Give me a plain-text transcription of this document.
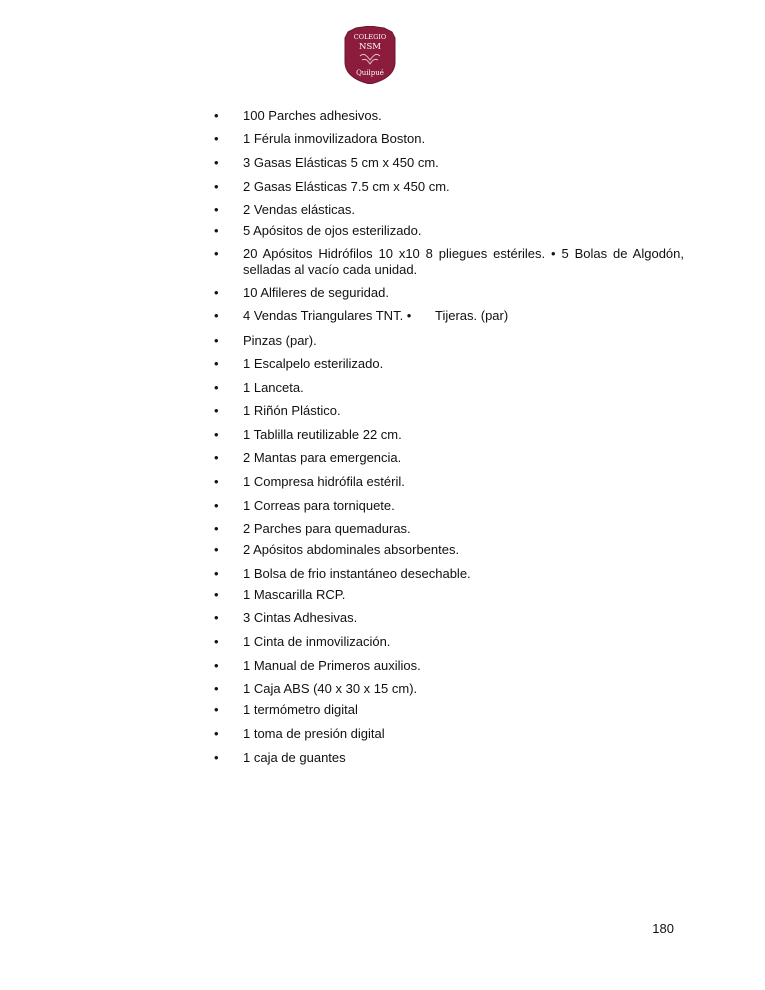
COLEGIO
NSM
Quilpué
•	100 Parches adhesivos.
•	1 Férula inmovilizadora Boston.
•	3 Gasas Elásticas 5 cm x 450 cm.
•	2 Gasas Elásticas 7.5 cm x 450 cm.
•	2 Vendas elásticas.
•	5 Apósitos de ojos esterilizado.
•	20 Apósitos Hidrófilos 10 x10 8 pliegues estériles. • 5 Bolas de Algodón, selladas al vacío cada unidad.
•	10 Alfileres de seguridad.
•	4 Vendas Triangulares TNT. • Tijeras. (par)
•	Pinzas (par).
•	1 Escalpelo esterilizado.
•	1 Lanceta.
•	1 Riñón Plástico.
•	1 Tablilla reutilizable 22 cm.
•	2 Mantas para emergencia.
•	1 Compresa hidrófila estéril.
•	1 Correas para torniquete.
•	2 Parches para quemaduras.
•	2 Apósitos abdominales absorbentes.
•	1 Bolsa de frio instantáneo desechable.
•	1 Mascarilla RCP.
•	3 Cintas Adhesivas.
•	1 Cinta de inmovilización.
•	1 Manual de Primeros auxilios.
•	1 Caja ABS (40 x 30 x 15 cm).
•	1 termómetro digital
•	1 toma de presión digital
•	1 caja de guantes
180
